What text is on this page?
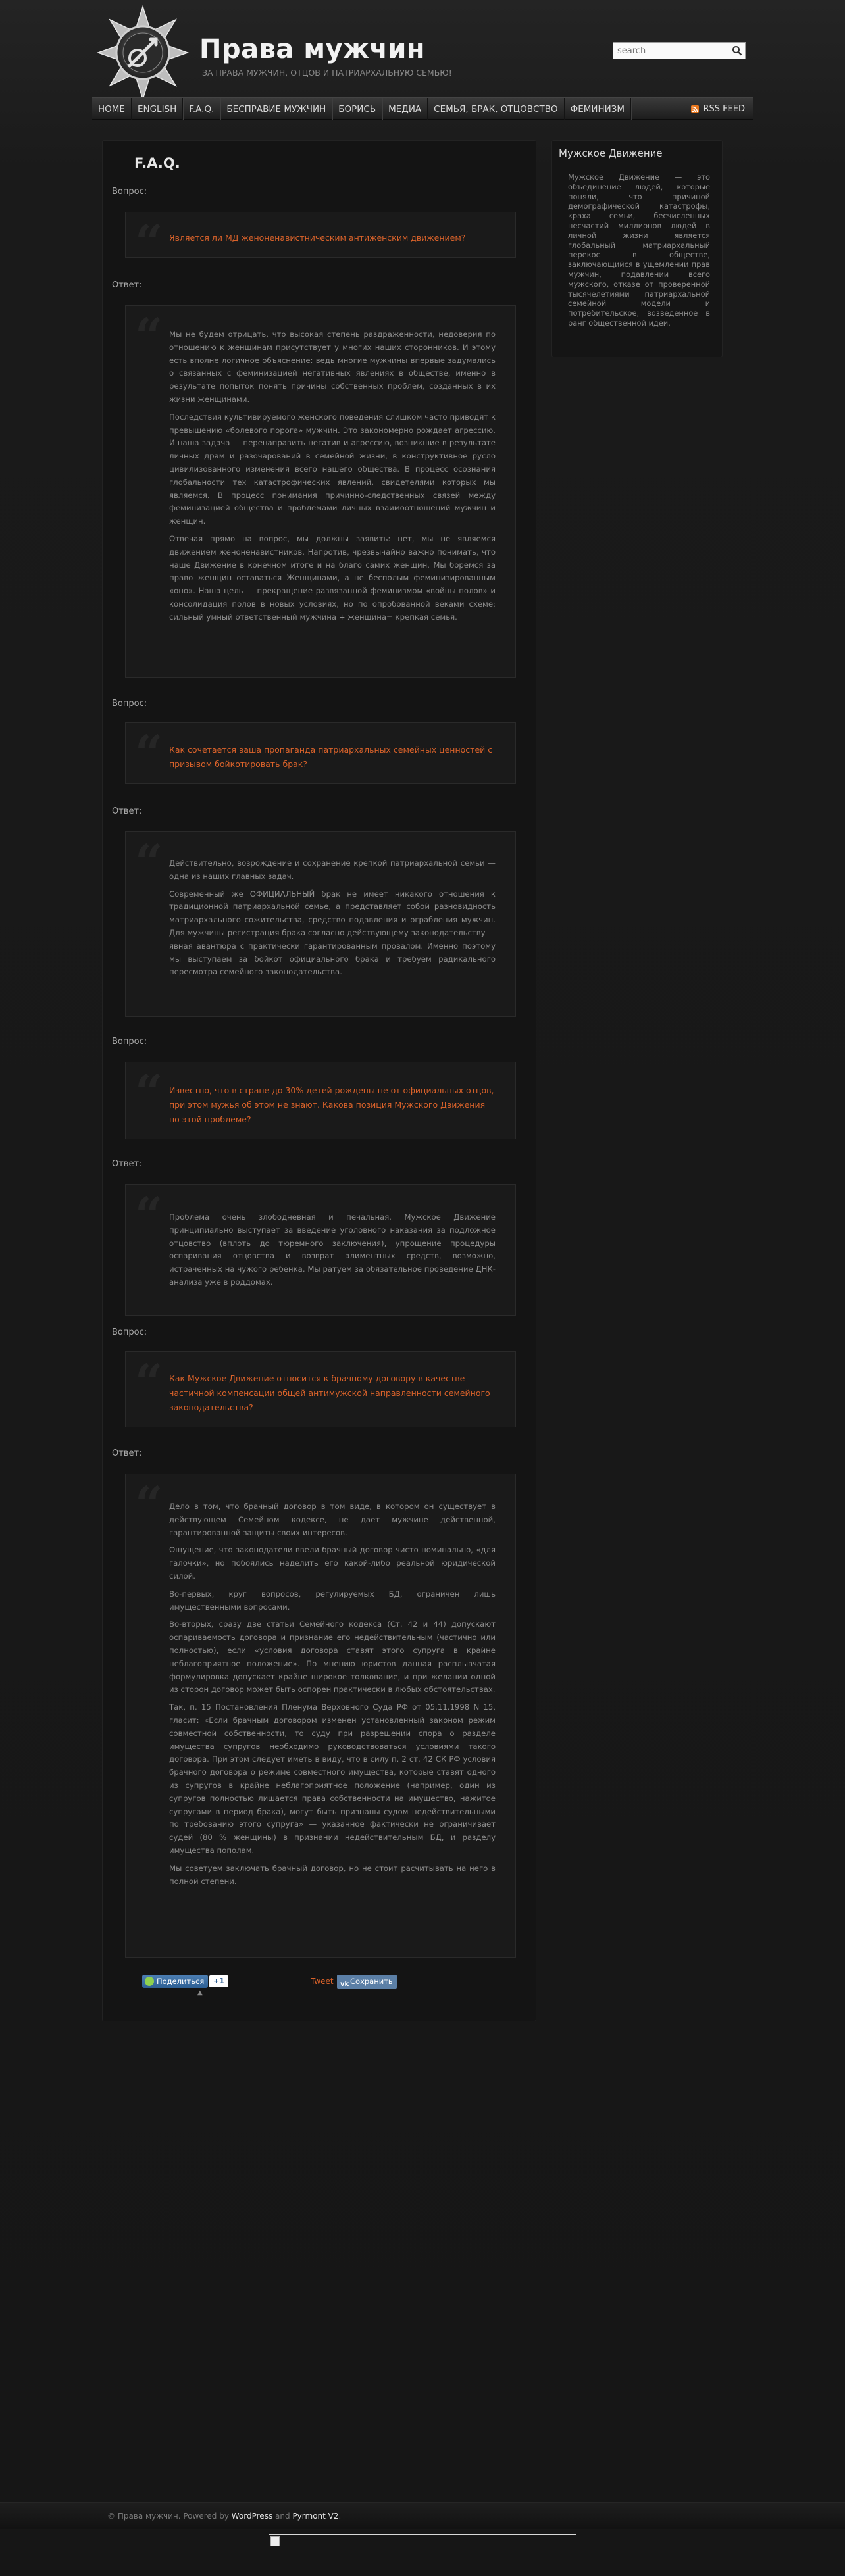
Права мужчин
ЗА ПРАВА МУЖЧИН, ОТЦОВ И ПАТРИАРХАЛЬНУЮ СЕМЬЮ!
search
HOME	ENGLISH	F.A.Q.	БЕСПРАВИЕ МУЖЧИН	БОРИСЬ	МЕДИА	СЕМЬЯ, БРАК, ОТЦОВСТВО	ФЕМИНИЗМ	RSS FEED
F.A.Q.
Вопрос:
“ Является ли МД женоненавистническим антиженским движением?
Ответ:
“ Мы не будем отрицать, что высокая степень раздраженности, недоверия по отношению к женщинам присутствует у многих наших сторонников. И этому есть вполне логичное объяснение: ведь многие мужчины впервые задумались о связанных с феминизацией негативных явлениях в обществе, именно в результате попыток понять причины собственных проблем, созданных в их жизни женщинами.

Последствия культивируемого женского поведения слишком часто приводят к превышению «болевого порога» мужчин. Это закономерно рождает агрессию. И наша задача — перенаправить негатив и агрессию, возникшие в результате личных драм и разочарований в семейной жизни, в конструктивное русло цивилизованного изменения всего нашего общества. В процесс осознания глобальности тех катастрофических явлений, свидетелями которых мы являемся. В процесс понимания причинно-следственных связей между феминизацией общества и проблемами личных взаимоотношений мужчин и женщин.

Отвечая прямо на вопрос, мы должны заявить: нет, мы не являемся движением женоненавистников. Напротив, чрезвычайно важно понимать, что наше Движение в конечном итоге и на благо самих женщин. Мы боремся за право женщин оставаться Женщинами, а не бесполым феминизированным «оно». Наша цель — прекращение развязанной феминизмом «войны полов» и консолидация полов в новых условиях, но по опробованной веками схеме: сильный умный ответственный мужчина + женщина= крепкая семья.

Вопрос:
“ Как сочетается ваша пропаганда патриархальных семейных ценностей с призывом бойкотировать брак?
Ответ:
“ Действительно, возрождение и сохранение крепкой патриархальной семьи — одна из наших главных задач.

Современный же ОФИЦИАЛЬНЫЙ брак не имеет никакого отношения к традиционной патриархальной семье, а представляет собой разновидность матриархального сожительства, средство подавления и ограбления мужчин. Для мужчины регистрация брака согласно действующему законодательству — явная авантюра с практически гарантированным провалом. Именно поэтому мы выступаем за бойкот официального брака и требуем радикального пересмотра семейного законодательства.

Вопрос:
“ Известно, что в стране до 30% детей рождены не от официальных отцов, при этом мужья об этом не знают. Какова позиция Мужского Движения по этой проблеме?
Ответ:
“ Проблема очень злободневная и печальная. Мужское Движение принципиально выступает за введение уголовного наказания за подложное отцовство (вплоть до тюремного заключения), упрощение процедуры оспаривания отцовства и возврат алиментных средств, возможно, истраченных на чужого ребенка. Мы ратуем за обязательное проведение ДНК-анализа уже в роддомах.

Вопрос:
“ Как Мужское Движение относится к брачному договору в качестве частичной компенсации общей антимужской направленности семейного законодательства?
Ответ:
“ Дело в том, что брачный договор в том виде, в котором он существует в действующем Семейном кодексе, не дает мужчине действенной, гарантированной защиты своих интересов.

Ощущение, что законодатели ввели брачный договор чисто номинально, «для галочки», но побоялись наделить его какой-либо реальной юридической силой.

Во-первых, круг вопросов, регулируемых БД, ограничен лишь имущественными вопросами.

Во-вторых, сразу две статьи Семейного кодекса (Ст. 42 и 44) допускают оспариваемость договора и признание его недействительным (частично или полностью), если «условия договора ставят этого супруга в крайне неблагоприятное положение». По мнению юристов данная расплывчатая формулировка допускает крайне широкое толкование, и при желании одной из сторон договор может быть оспорен практически в любых обстоятельствах.

Так, п. 15 Постановления Пленума Верховного Суда РФ от 05.11.1998 N 15, гласит: «Если брачным договором изменен установленный законом режим совместной собственности, то суду при разрешении спора о разделе имущества супругов необходимо руководствоваться условиями такого договора. При этом следует иметь в виду, что в силу п. 2 ст. 42 СК РФ условия брачного договора о режиме совместного имущества, которые ставят одного из супругов в крайне неблагоприятное положение (например, один из супругов полностью лишается права собственности на имущество, нажитое супругами в период брака), могут быть признаны судом недействительными по требованию этого супруга» — указанное фактически не ограничивает судей (80 % женщины) в признании недействительным БД, и разделу имущества пополам.

Мы советуем заключать брачный договор, но не стоит расчитывать на него в полной степени.

Поделиться	+1
▲
Tweet vk Сохранить
Мужское Движение
Мужское Движение — это объединение людей, которые поняли, что причиной демографической катастрофы, краха семьи, бесчисленных несчастий миллионов людей в личной жизни является глобальный матриархальный перекос в обществе, заключающийся в ущемлении прав мужчин, подавлении всего мужского, отказе от проверенной тысячелетиями патриархальной семейной модели и потребительское, возведенное в ранг общественной идеи.
© Права мужчин. Powered by WordPress and Pyrmont V2.
